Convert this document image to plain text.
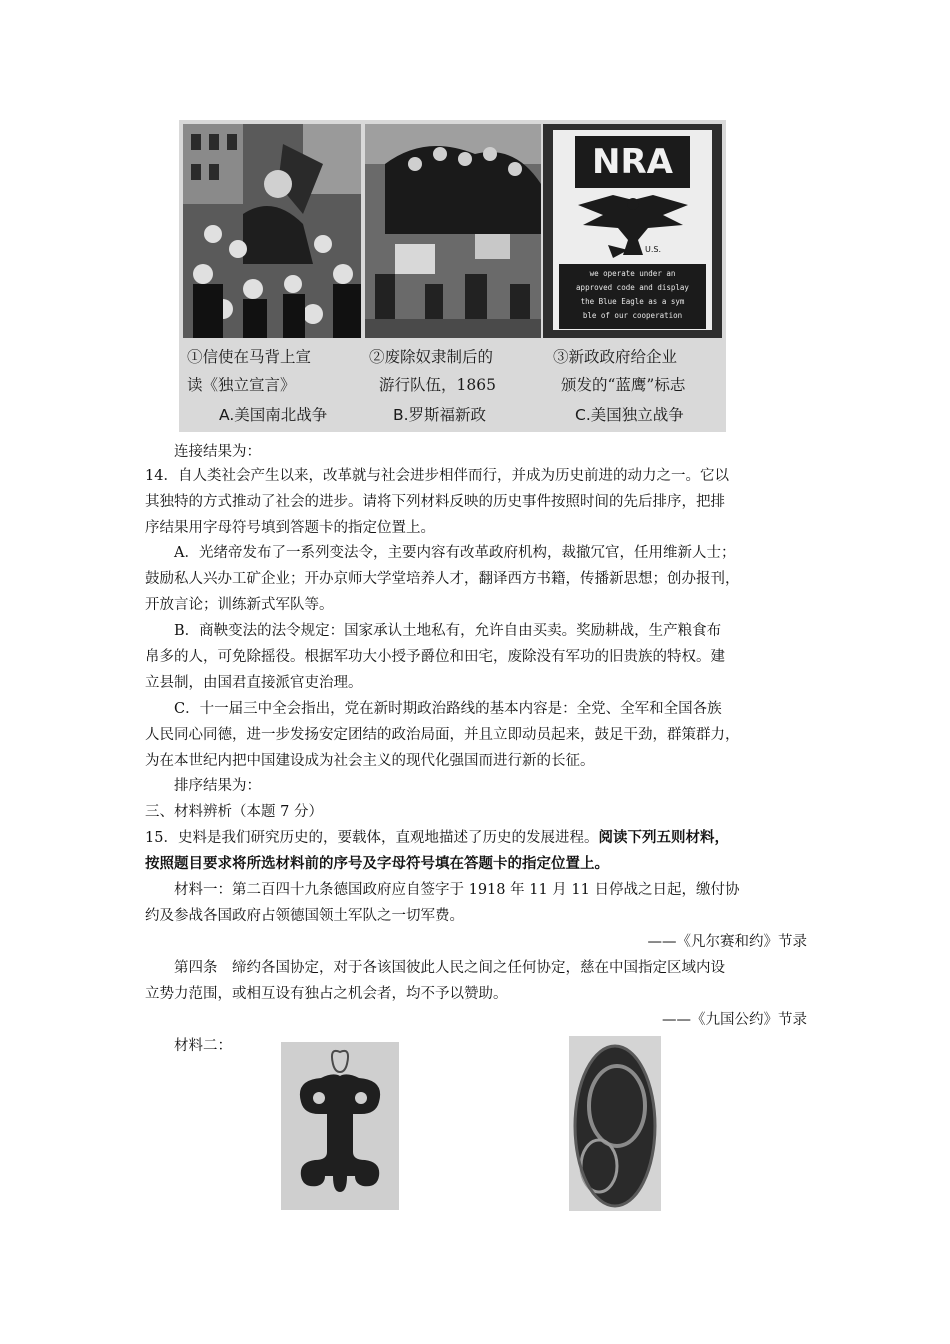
NRA
U.S.
we operate under an
approved code and display
the Blue Eagle as a sym
ble of our cooperation
①信使在马背上宣
读《独立宣言》
A.美国南北战争
②废除奴隶制后的
游行队伍，1865
B.罗斯福新政
③新政政府给企业
颁发的“蓝鹰”标志
C.美国独立战争
连接结果为：
14．自人类社会产生以来，改革就与社会进步相伴而行，并成为历史前进的动力之一。它以
其独特的方式推动了社会的进步。请将下列材料反映的历史事件按照时间的先后排序，把排
序结果用字母符号填到答题卡的指定位置上。
A．光绪帝发布了一系列变法令，主要内容有改革政府机构，裁撤冗官，任用维新人士；
鼓励私人兴办工矿企业；开办京师大学堂培养人才，翻译西方书籍，传播新思想；创办报刊，
开放言论；训练新式军队等。
B．商鞅变法的法令规定：国家承认土地私有，允许自由买卖。奖励耕战，生产粮食布
帛多的人，可免除摇役。根据军功大小授予爵位和田宅，废除没有军功的旧贵族的特权。建
立县制，由国君直接派官吏治理。
C．十一届三中全会指出，党在新时期政治路线的基本内容是：全党、全军和全国各族
人民同心同德，进一步发扬安定团结的政治局面，并且立即动员起来，鼓足干劲，群策群力，
为在本世纪内把中国建设成为社会主义的现代化强国而进行新的长征。
排序结果为：
三、材料辨析（本题 7 分）
15．史料是我们研究历史的，要载体，直观地描述了历史的发展进程。阅读下列五则材料，
按照题目要求将所选材料前的序号及字母符号填在答题卡的指定位置上。
材料一：第二百四十九条德国政府应自签字于 1918 年 11 月 11 日停战之日起，缴付协
约及参战各国政府占领德国领土军队之一切军费。
——《凡尔赛和约》节录
第四条　缔约各国协定，对于各该国彼此人民之间之任何协定，慈在中国指定区域内设
立势力范围，或相互设有独占之机会者，均不予以赞助。
——《九国公约》节录
材料二：
